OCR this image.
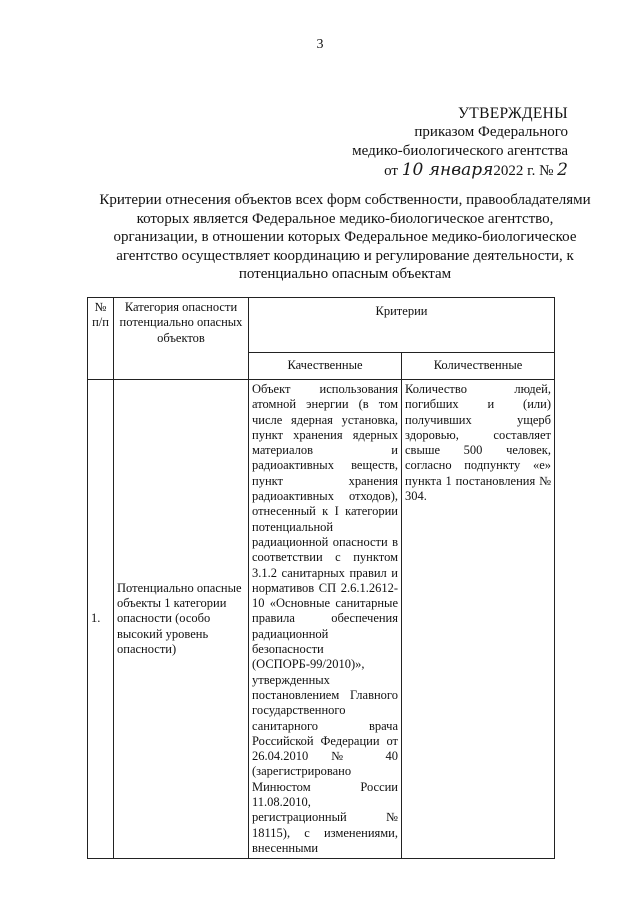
3
УТВЕРЖДЕНЫ
приказом Федерального
медико-биологического агентства
от 10 января2022 г. № 2
Критерии отнесения объектов всех форм собственности, правообладателями
которых является Федеральное медико-биологическое агентство,
организации, в отношении которых Федеральное медико-биологическое
агентство осуществляет координацию и регулирование деятельности, к
потенциально опасным объектам
№ п/п	Категория опасности потенциально опасных объектов	Критерии	
		Качественные	Количественные
1.	Потенциально опасные объекты 1 категории опасности (особо высокий уровень опасности)	Объект использования атомной энергии (в том числе ядерная установка, пункт хранения ядерных материалов и радиоактивных веществ, пункт хранения радиоактивных отходов), отнесенный к I категории потенциальной радиационной опасности в соответствии с пунктом 3.1.2 санитарных правил и нормативов СП 2.6.1.2612-10 «Основные санитарные правила обеспечения радиационной безопасности (ОСПОРБ-99/2010)», утвержденных постановлением Главного государственного санитарного врача Российской Федерации от 26.04.2010 № 40 (зарегистрировано Минюстом России 11.08.2010, регистрационный № 18115), с изменениями, внесенными	Количество людей, погибших и (или) получивших ущерб здоровью, составляет свыше 500 человек, согласно подпункту «е» пункта 1 постановления № 304.
